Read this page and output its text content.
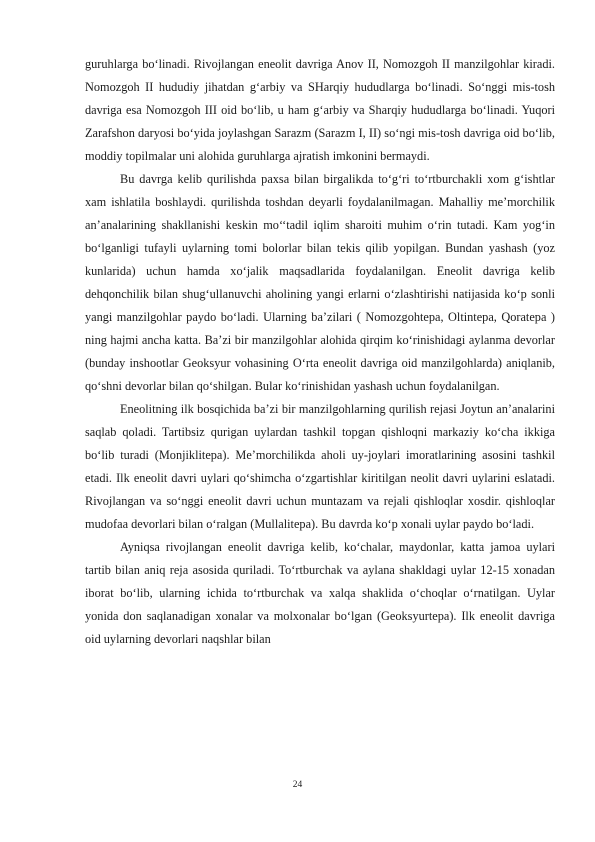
guruhlarga bo‘linadi. Rivojlangan eneolit davriga Anov II, Nomozgoh II manzilgohlar kiradi. Nomozgoh II hududiy jihatdan g‘arbiy va SHarqiy hududlarga bo‘linadi. So‘nggi mis-tosh davriga esa Nomozgoh III oid bo‘lib, u ham g‘arbiy va Sharqiy hududlarga bo‘linadi. Yuqori Zarafshon daryosi bo‘yida joylashgan Sarazm (Sarazm I, II) so‘ngi mis-tosh davriga oid bo‘lib, moddiy topilmalar uni alohida guruhlarga ajratish imkonini bermaydi.

Bu davrga kelib qurilishda paxsa bilan birgalikda to‘g‘ri to‘rtburchakli xom g‘ishtlar xam ishlatila boshlaydi. qurilishda toshdan deyarli foydalanilmagan. Mahalliy me’morchilik an’analarining shakllanishi keskin mo‘‘tadil iqlim sharoiti muhim o‘rin tutadi. Kam yog‘in bo‘lganligi tufayli uylarning tomi bolorlar bilan tekis qilib yopilgan. Bundan yashash (yoz kunlarida) uchun hamda xo‘jalik maqsadlarida foydalanilgan. Eneolit davriga kelib dehqonchilik bilan shug‘ullanuvchi aholining yangi erlarni o‘zlashtirishi natijasida ko‘p sonli yangi manzilgohlar paydo bo‘ladi. Ularning ba’zilari ( Nomozgohtepa, Oltintepa, Qoratepa ) ning hajmi ancha katta. Ba’zi bir manzilgohlar alohida qirqim ko‘rinishidagi aylanma devorlar (bunday inshootlar Geoksyur vohasining O‘rta eneolit davriga oid manzilgohlarda) aniqlanib, qo‘shni devorlar bilan qo‘shilgan. Bular ko‘rinishidan yashash uchun foydalanilgan.

Eneolitning ilk bosqichida ba’zi bir manzilgohlarning qurilish rejasi Joytun an’analarini saqlab qoladi. Tartibsiz qurigan uylardan tashkil topgan qishloqni markaziy ko‘cha ikkiga bo‘lib turadi (Monjiklitepa). Me’morchilikda aholi uy-joylari imoratlarining asosini tashkil etadi. Ilk eneolit davri uylari qo‘shimcha o‘zgartishlar kiritilgan neolit davri uylarini eslatadi. Rivojlangan va so‘nggi eneolit davri uchun muntazam va rejali qishloqlar xosdir. qishloqlar mudofaa devorlari bilan o‘ralgan (Mullalitepa). Bu davrda ko‘p xonali uylar paydo bo‘ladi.

Ayniqsa rivojlangan eneolit davriga kelib, ko‘chalar, maydonlar, katta jamoa uylari tartib bilan aniq reja asosida quriladi. To‘rtburchak va aylana shakldagi uylar 12-15 xonadan iborat bo‘lib, ularning ichida to‘rtburchak va xalqa shaklida o‘choqlar o‘rnatilgan. Uylar yonida don saqlanadigan xonalar va molxonalar bo‘lgan (Geoksyurtepa). Ilk eneolit davriga oid uylarning devorlari naqshlar bilan

24
